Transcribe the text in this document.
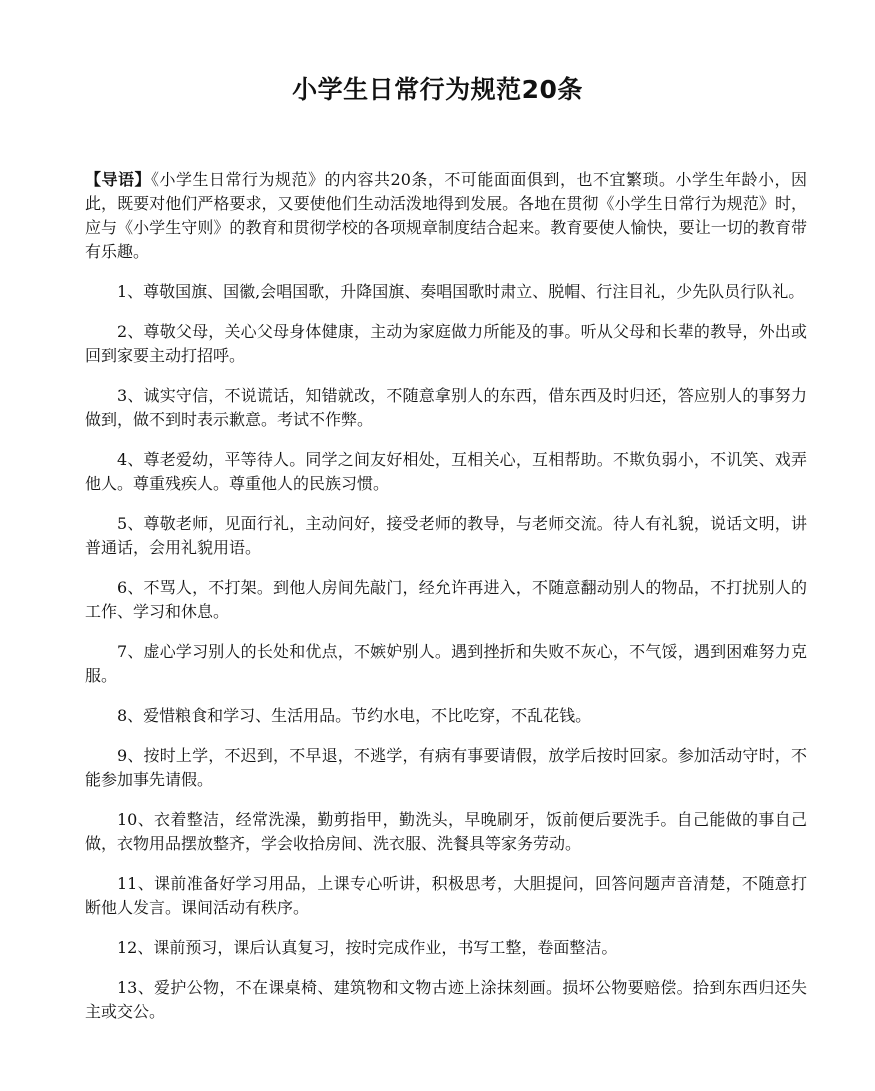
小学生日常行为规范20条

【导语】《小学生日常行为规范》的内容共20条，不可能面面俱到，也不宜繁琐。小学生年龄小，因此，既要对他们严格要求，又要使他们生动活泼地得到发展。各地在贯彻《小学生日常行为规范》时，应与《小学生守则》的教育和贯彻学校的各项规章制度结合起来。教育要使人愉快，要让一切的教育带有乐趣。

1、尊敬国旗、国徽,会唱国歌，升降国旗、奏唱国歌时肃立、脱帽、行注目礼，少先队员行队礼。

2、尊敬父母，关心父母身体健康，主动为家庭做力所能及的事。听从父母和长辈的教导，外出或回到家要主动打招呼。

3、诚实守信，不说谎话，知错就改，不随意拿别人的东西，借东西及时归还，答应别人的事努力做到，做不到时表示歉意。考试不作弊。

4、尊老爱幼，平等待人。同学之间友好相处，互相关心，互相帮助。不欺负弱小，不讥笑、戏弄他人。尊重残疾人。尊重他人的民族习惯。

5、尊敬老师，见面行礼，主动问好，接受老师的教导，与老师交流。待人有礼貌，说话文明，讲普通话，会用礼貌用语。

6、不骂人，不打架。到他人房间先敲门，经允许再进入，不随意翻动别人的物品，不打扰别人的工作、学习和休息。

7、虚心学习别人的长处和优点，不嫉妒别人。遇到挫折和失败不灰心，不气馁，遇到困难努力克服。

8、爱惜粮食和学习、生活用品。节约水电，不比吃穿，不乱花钱。

9、按时上学，不迟到，不早退，不逃学，有病有事要请假，放学后按时回家。参加活动守时，不能参加事先请假。

10、衣着整洁，经常洗澡，勤剪指甲，勤洗头，早晚刷牙，饭前便后要洗手。自己能做的事自己做，衣物用品摆放整齐，学会收拾房间、洗衣服、洗餐具等家务劳动。

11、课前准备好学习用品，上课专心听讲，积极思考，大胆提问，回答问题声音清楚，不随意打断他人发言。课间活动有秩序。

12、课前预习，课后认真复习，按时完成作业，书写工整，卷面整洁。

13、爱护公物，不在课桌椅、建筑物和文物古迹上涂抹刻画。损坏公物要赔偿。拾到东西归还失主或交公。
